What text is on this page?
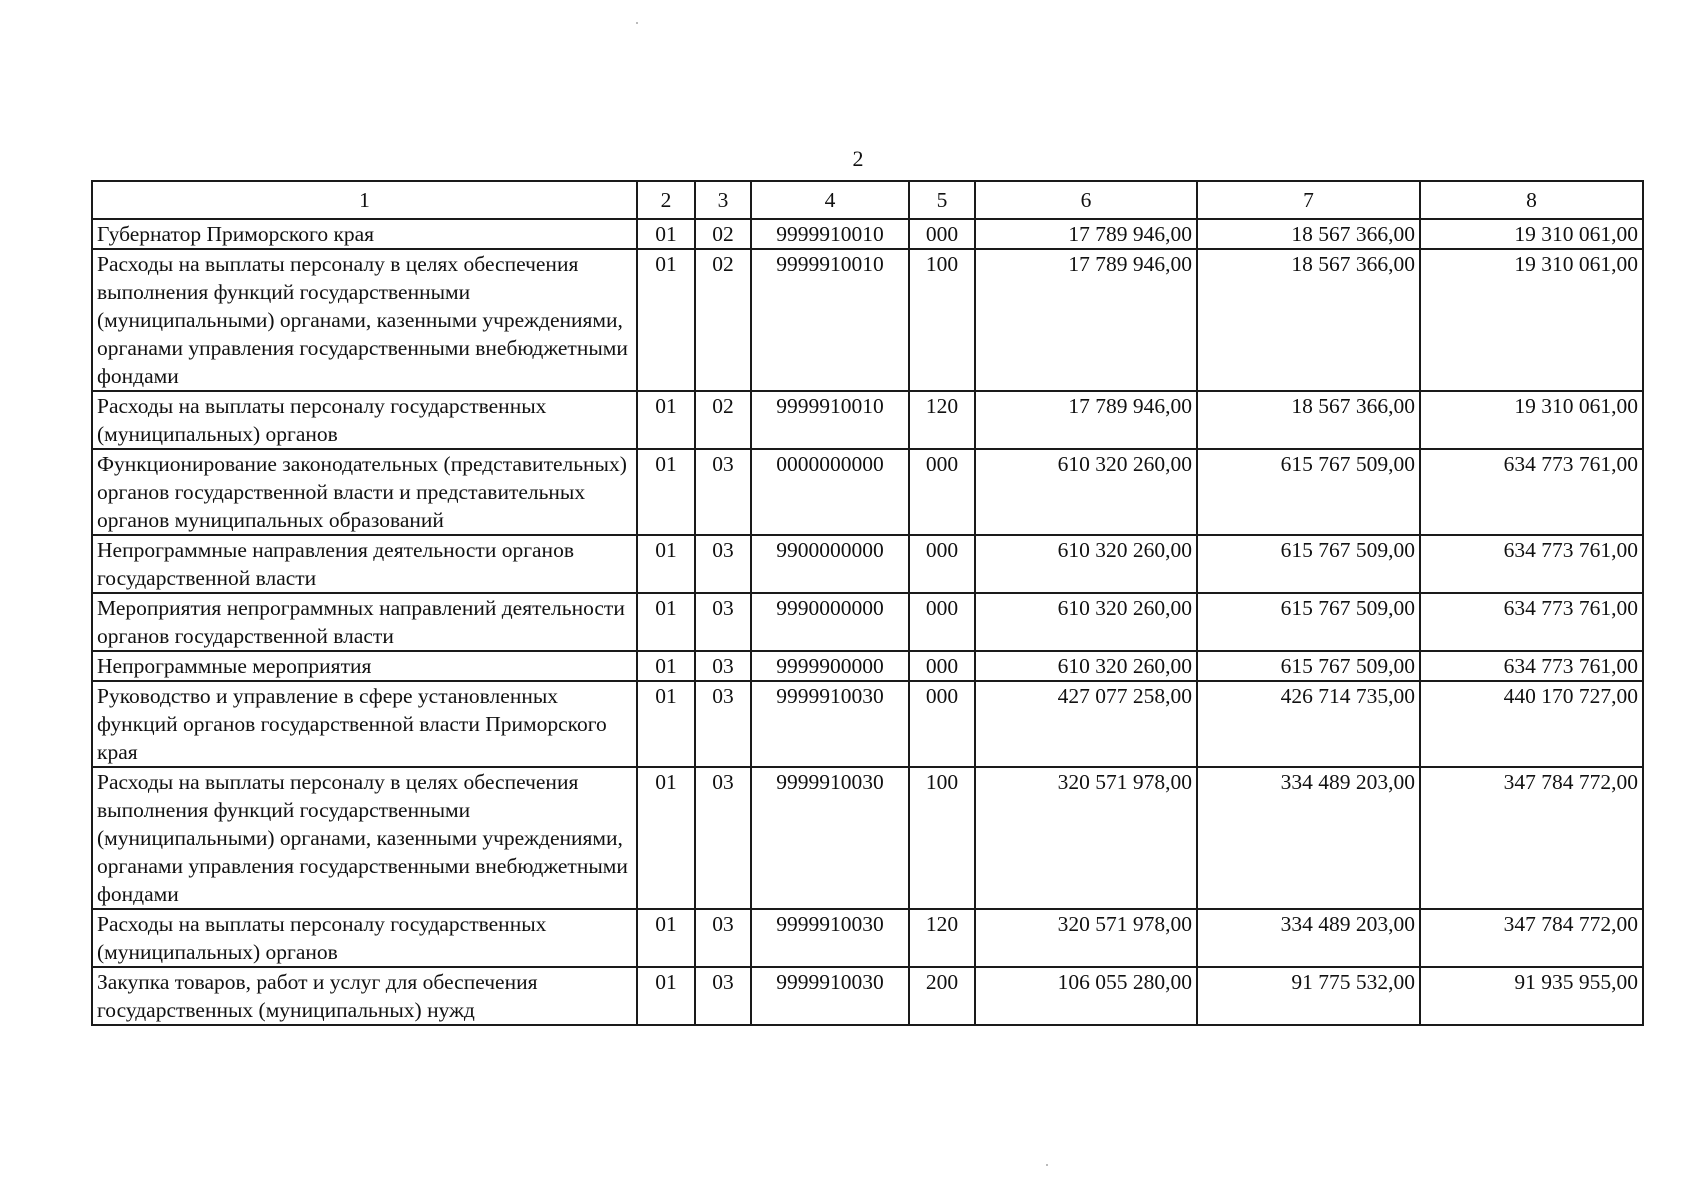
2
1	2	3	4	5	6	7	8
Губернатор Приморского края	01	02	9999910010	000	17 789 946,00	18 567 366,00	19 310 061,00
Расходы на выплаты персоналу в целях обеспечения выполнения функций государственными (муниципальными) органами, казенными учреждениями, органами управления государственными внебюджетными фондами	01	02	9999910010	100	17 789 946,00	18 567 366,00	19 310 061,00
Расходы на выплаты персоналу государственных (муниципальных) органов	01	02	9999910010	120	17 789 946,00	18 567 366,00	19 310 061,00
Функционирование законодательных (представительных) органов государственной власти и представительных органов муниципальных образований	01	03	0000000000	000	610 320 260,00	615 767 509,00	634 773 761,00
Непрограммные направления деятельности органов государственной власти	01	03	9900000000	000	610 320 260,00	615 767 509,00	634 773 761,00
Мероприятия непрограммных направлений деятельности органов государственной власти	01	03	9990000000	000	610 320 260,00	615 767 509,00	634 773 761,00
Непрограммные мероприятия	01	03	9999900000	000	610 320 260,00	615 767 509,00	634 773 761,00
Руководство и управление в сфере установленных функций органов государственной власти Приморского края	01	03	9999910030	000	427 077 258,00	426 714 735,00	440 170 727,00
Расходы на выплаты персоналу в целях обеспечения выполнения функций государственными (муниципальными) органами, казенными учреждениями, органами управления государственными внебюджетными фондами	01	03	9999910030	100	320 571 978,00	334 489 203,00	347 784 772,00
Расходы на выплаты персоналу государственных (муниципальных) органов	01	03	9999910030	120	320 571 978,00	334 489 203,00	347 784 772,00
Закупка товаров, работ и услуг для обеспечения государственных (муниципальных) нужд	01	03	9999910030	200	106 055 280,00	91 775 532,00	91 935 955,00
